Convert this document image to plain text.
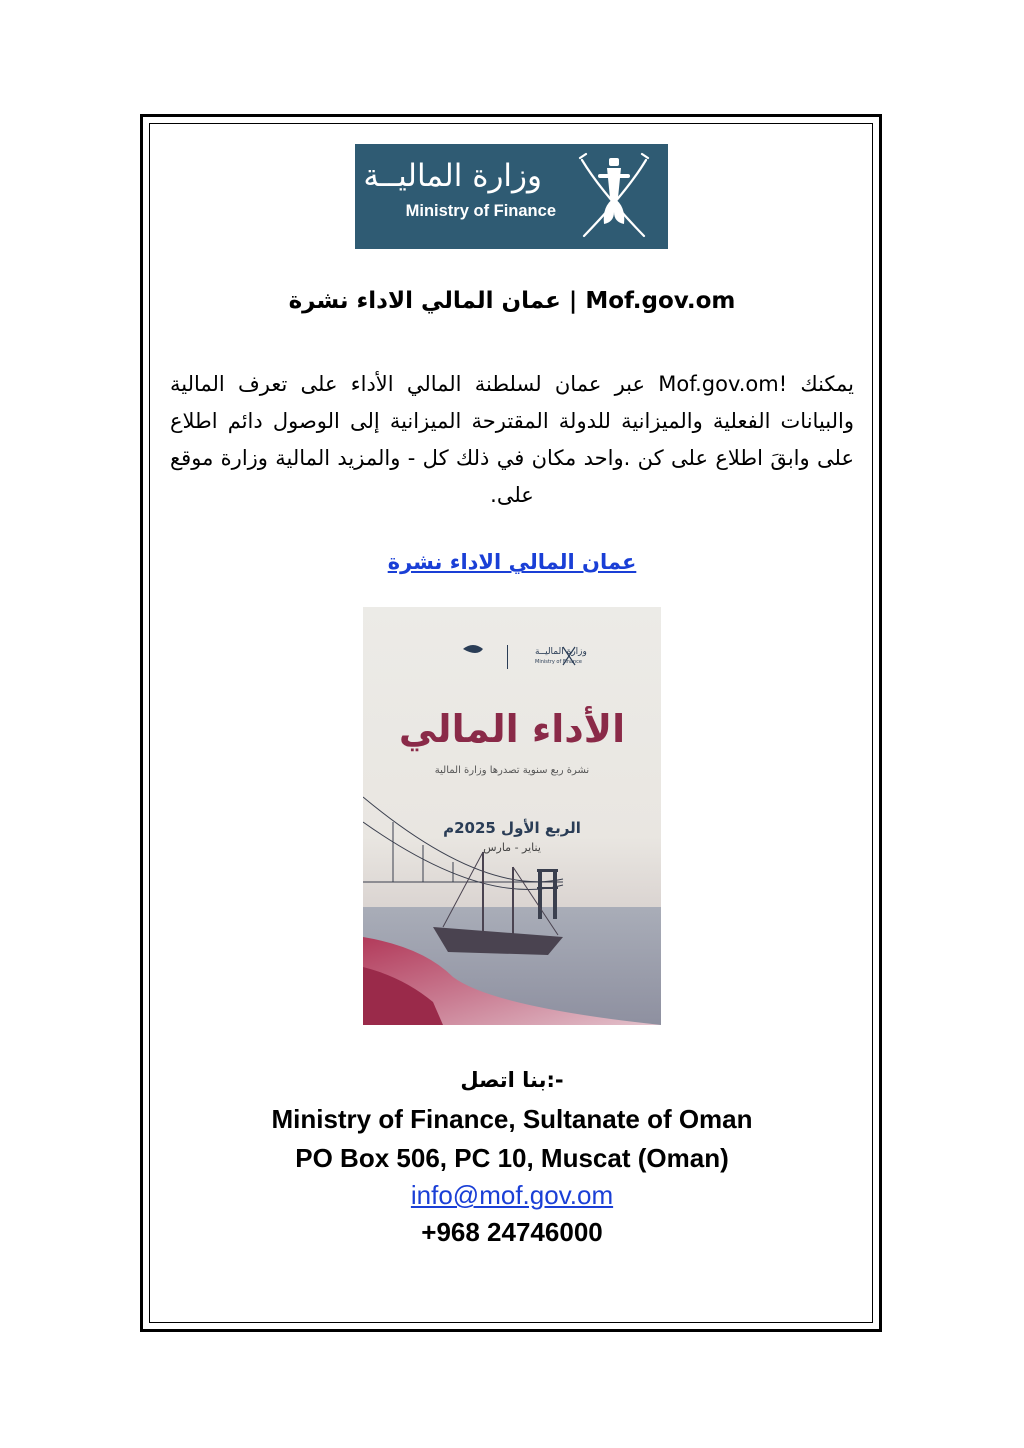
وزارة الماليــة
Ministry of Finance
Mof.gov.om | عمان المالي الاداء نشرة
يمكنك !Mof.gov.om عبر عمان لسلطنة المالي الأداء على تعرف المالية والبيانات الفعلية والميزانية للدولة المقترحة الميزانية إلى الوصول دائم اطلاع على وابقَ اطلاع على كن .واحد مكان في ذلك كل - والمزيد المالية وزارة موقع على.
عمان المالي الاداء نشرة
وزارة الماليــة
Ministry of Finance
الأداء المالي
نشرة ربع سنوية تصدرها وزارة المالية
الربع الأول 2025م
يناير - مارس
-:بنا اتصل
Ministry of Finance, Sultanate of Oman
PO Box 506, PC 10, Muscat (Oman)
info@mof.gov.om
+968 24746000
